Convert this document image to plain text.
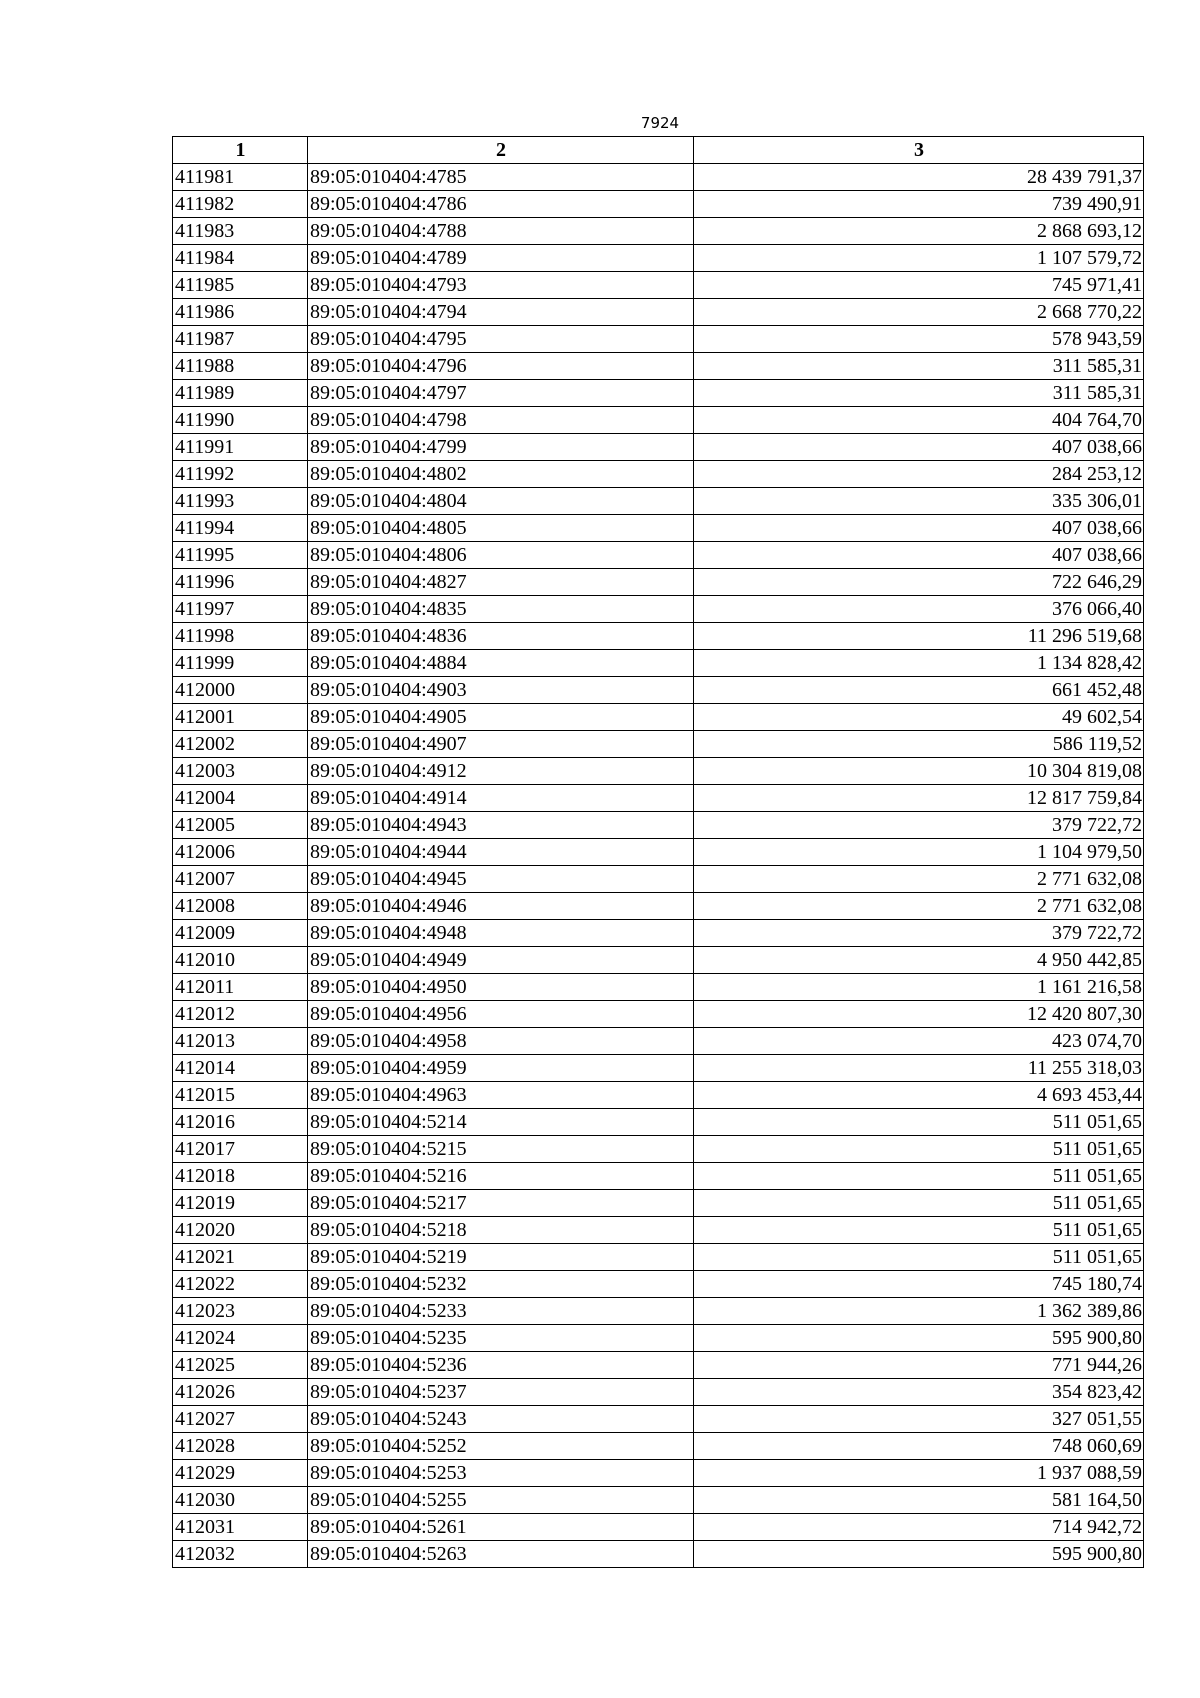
7924
1	2	3
411981	89:05:010404:4785	28 439 791,37
411982	89:05:010404:4786	739 490,91
411983	89:05:010404:4788	2 868 693,12
411984	89:05:010404:4789	1 107 579,72
411985	89:05:010404:4793	745 971,41
411986	89:05:010404:4794	2 668 770,22
411987	89:05:010404:4795	578 943,59
411988	89:05:010404:4796	311 585,31
411989	89:05:010404:4797	311 585,31
411990	89:05:010404:4798	404 764,70
411991	89:05:010404:4799	407 038,66
411992	89:05:010404:4802	284 253,12
411993	89:05:010404:4804	335 306,01
411994	89:05:010404:4805	407 038,66
411995	89:05:010404:4806	407 038,66
411996	89:05:010404:4827	722 646,29
411997	89:05:010404:4835	376 066,40
411998	89:05:010404:4836	11 296 519,68
411999	89:05:010404:4884	1 134 828,42
412000	89:05:010404:4903	661 452,48
412001	89:05:010404:4905	49 602,54
412002	89:05:010404:4907	586 119,52
412003	89:05:010404:4912	10 304 819,08
412004	89:05:010404:4914	12 817 759,84
412005	89:05:010404:4943	379 722,72
412006	89:05:010404:4944	1 104 979,50
412007	89:05:010404:4945	2 771 632,08
412008	89:05:010404:4946	2 771 632,08
412009	89:05:010404:4948	379 722,72
412010	89:05:010404:4949	4 950 442,85
412011	89:05:010404:4950	1 161 216,58
412012	89:05:010404:4956	12 420 807,30
412013	89:05:010404:4958	423 074,70
412014	89:05:010404:4959	11 255 318,03
412015	89:05:010404:4963	4 693 453,44
412016	89:05:010404:5214	511 051,65
412017	89:05:010404:5215	511 051,65
412018	89:05:010404:5216	511 051,65
412019	89:05:010404:5217	511 051,65
412020	89:05:010404:5218	511 051,65
412021	89:05:010404:5219	511 051,65
412022	89:05:010404:5232	745 180,74
412023	89:05:010404:5233	1 362 389,86
412024	89:05:010404:5235	595 900,80
412025	89:05:010404:5236	771 944,26
412026	89:05:010404:5237	354 823,42
412027	89:05:010404:5243	327 051,55
412028	89:05:010404:5252	748 060,69
412029	89:05:010404:5253	1 937 088,59
412030	89:05:010404:5255	581 164,50
412031	89:05:010404:5261	714 942,72
412032	89:05:010404:5263	595 900,80
